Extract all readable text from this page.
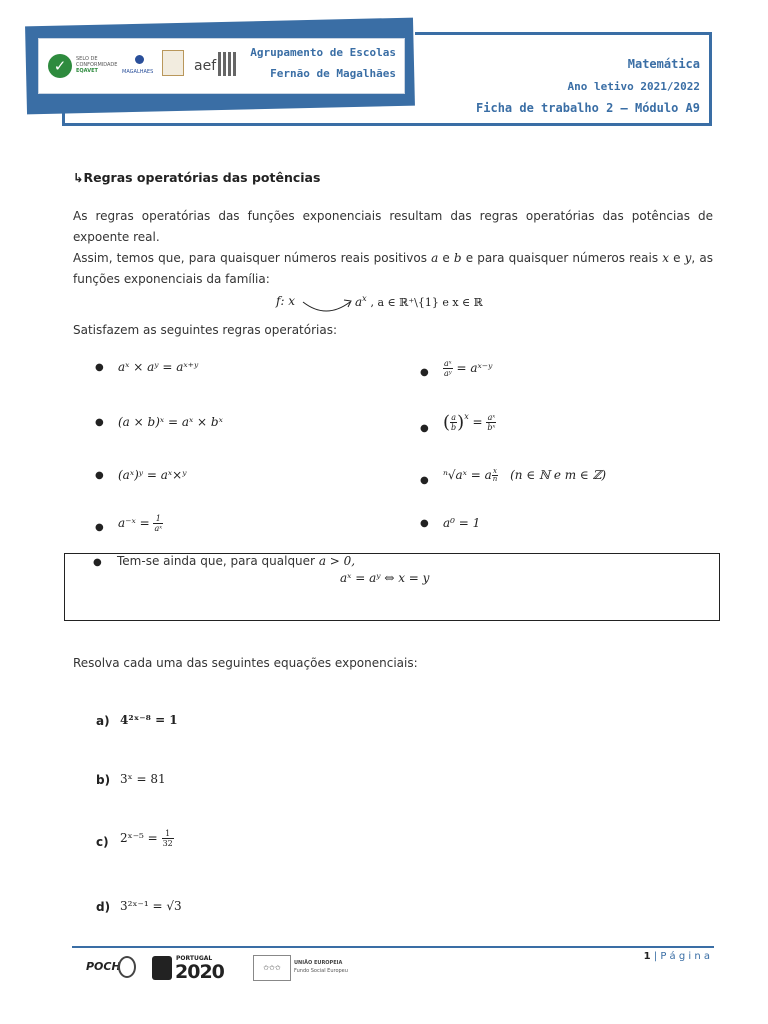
✓	SELO DE
CONFORMIDADE
EQAVET	MAGALHAES	aef
Agrupamento de Escolas
Fernão de Magalhães
Matemática
Ano letivo 2021/2022
Ficha de trabalho 2 – Módulo A9
↳Regras operatórias das potências
As regras operatórias das funções exponenciais resultam das regras operatórias das potências de expoente real.
Assim, temos que, para quaisquer números reais positivos a e b e para quaisquer números reais x e y, as funções exponenciais da família:
f: x	$a^x$ , a ∈ ℝ⁺\{1} e x ∈ ℝ
Satisfazem as seguintes regras operatórias:
● aˣ × aʸ = aˣ⁺ʸ
● (a × b)ˣ = aˣ × bˣ
● (aˣ)ʸ = aˣ×ʸ
● a⁻ˣ = $\frac{1}{\text{aˣ}}$
● $\frac{\text{aˣ}}{\text{aʸ}}$ = aˣ⁻ʸ
● ( $\frac{a}{b} )^x = \frac{\text{aˣ}}{\text{bˣ}}$
● ⁿ√aˣ = a $\frac{x}{n} (n$ ∈ ℕ e m ∈ ℤ)
● a⁰ = 1
● Tem-se ainda que, para qualquer a > 0,
aˣ = aʸ ⇔ x = y
Resolva cada uma das seguintes equações exponenciais:
a) 4²ˣ⁻⁸ = 1
b) 3ˣ = 81
c) 2ˣ⁻⁵ = $\frac{1}{32}$
d) 3²ˣ⁻¹ = √3
1 | P á g i n a
POCH
PORTUGAL
2020	✩✩✩
UNIÃO EUROPEIA
Fundo Social Europeu
